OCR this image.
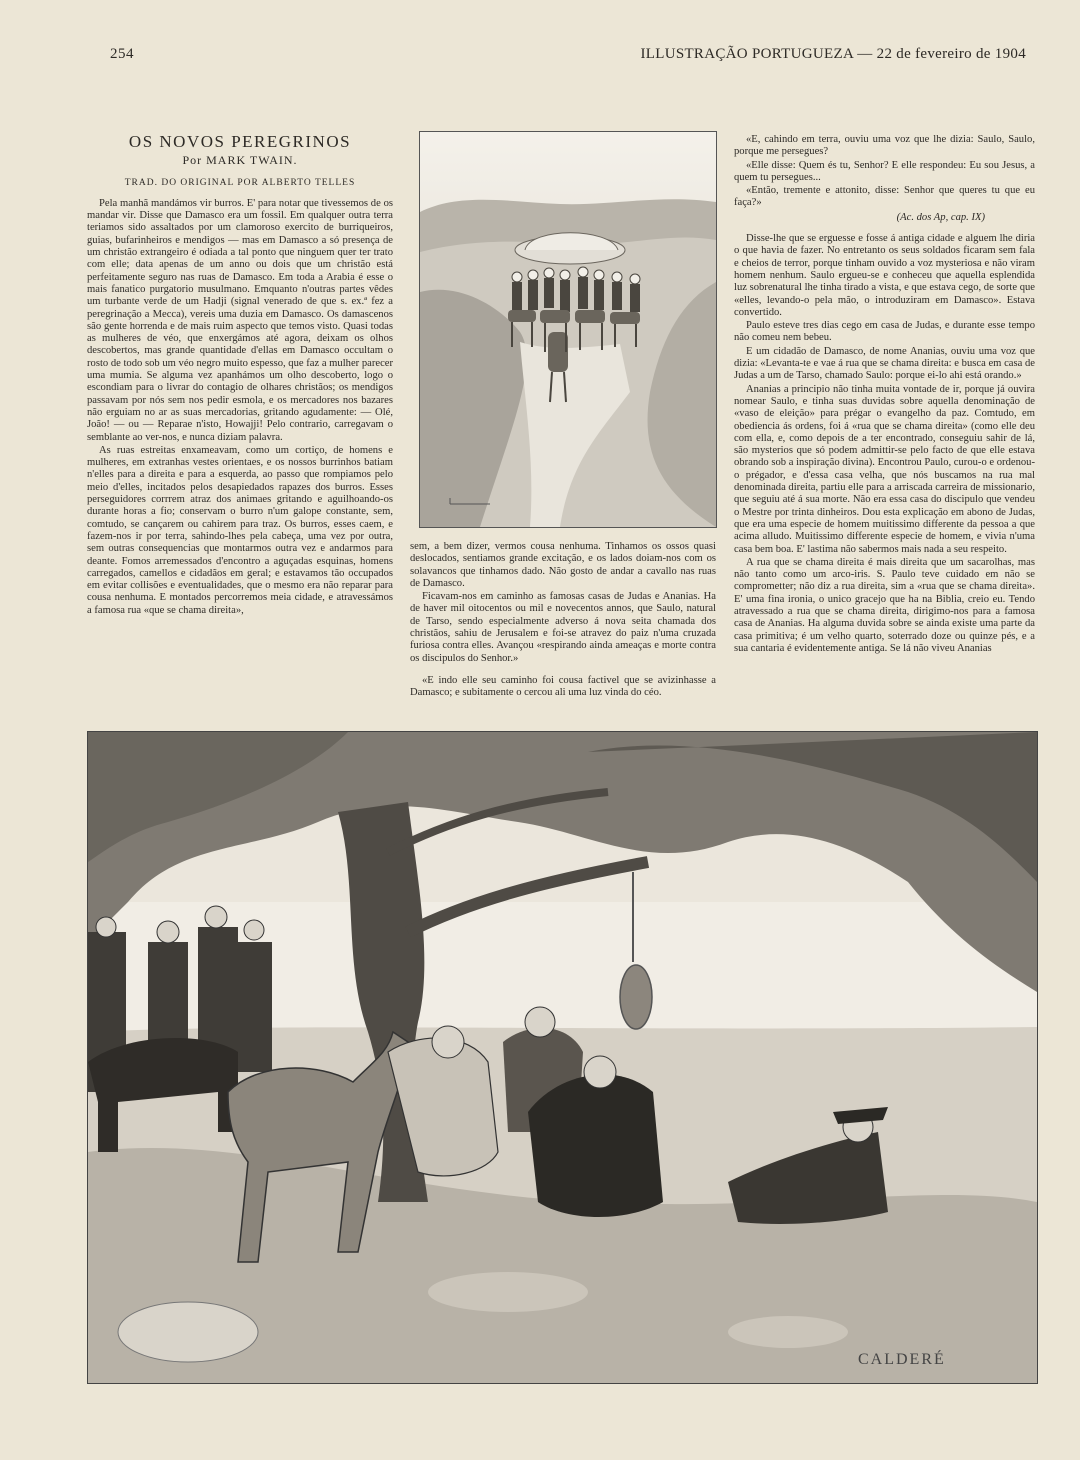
254	ILLUSTRAÇÃO PORTUGUEZA — 22 de fevereiro de 1904
OS NOVOS PEREGRINOS
Por MARK TWAIN.
TRAD. DO ORIGINAL POR ALBERTO TELLES

Pela manhã mandámos vir burros. E' para notar que tivessemos de os mandar vir. Disse que Damasco era um fossil. Em qualquer outra terra teriamos sido assaltados por um clamoroso exercito de burriqueiros, guias, bufarinheiros e mendigos — mas em Damasco a só presença de um christão extrangeiro é odiada a tal ponto que ninguem quer ter trato com elle; data apenas de um anno ou dois que um christão está perfeitamente seguro nas ruas de Damasco. Em toda a Arabia é esse o mais fanatico purgatorio musulmano. Emquanto n'outras partes vêdes um turbante verde de um Hadji (signal venerado de que s. ex.ª fez a peregrinação a Mecca), vereis uma duzia em Damasco. Os damascenos são gente horrenda e de mais ruim aspecto que temos visto. Quasi todas as mulheres de véo, que enxergámos até agora, deixam os olhos descobertos, mas grande quantidade d'ellas em Damasco occultam o rosto de todo sob um véo negro muito espesso, que faz a mulher parecer uma mumia. Se alguma vez apanhámos um olho descoberto, logo o escondiam para o livrar do contagio de olhares christãos; os mendigos passavam por nós sem nos pedir esmola, e os mercadores nos bazares não erguiam no ar as suas mercadorias, gritando agudamente: — Olé, João! — ou — Reparae n'isto, Howajji! Pelo contrario, carregavam o semblante ao ver-nos, e nunca diziam palavra.

As ruas estreitas enxameavam, como um cortiço, de homens e mulheres, em extranhas vestes orientaes, e os nossos burrinhos batiam n'elles para a direita e para a esquerda, ao passo que rompiamos pelo meio d'elles, incitados pelos desapiedados rapazes dos burros. Esses perseguidores corrrem atraz dos animaes gritando e aguilhoando-os durante horas a fio; conservam o burro n'um galope constante, sem, comtudo, se cançarem ou cahirem para traz. Os burros, esses caem, e fazem-nos ir por terra, sahindo-lhes pela cabeça, uma vez por outra, sem outras consequencias que montarmos outra vez e andarmos para deante. Fomos arremessados d'encontro a aguçadas esquinas, homens carregados, camellos e cidadãos em geral; e estavamos tão occupados em evitar collisões e eventualidades, que o mesmo era não reparar para cousa nenhuma. E montados percorremos meia cidade, e atravessámos a famosa rua «que se chama direita»,

sem, a bem dizer, vermos cousa nenhuma. Tinhamos os ossos quasi deslocados, sentiamos grande excitação, e os lados doiam-nos com os solavancos que tinhamos dado. Não gosto de andar a cavallo nas ruas de Damasco.

Ficavam-nos em caminho as famosas casas de Judas e Ananias. Ha de haver mil oitocentos ou mil e novecentos annos, que Saulo, natural de Tarso, sendo especialmente adverso á nova seita chamada dos christãos, sahiu de Jerusalem e foi-se atravez do paiz n'uma cruzada furiosa contra elles. Avançou «respirando ainda ameaças e morte contra os discipulos do Senhor.»

«E indo elle seu caminho foi cousa factivel que se avizinhasse a Damasco; e subitamente o cercou ali uma luz vinda do céo.

«E, cahindo em terra, ouviu uma voz que lhe dizia: Saulo, Saulo, porque me persegues?

«Elle disse: Quem és tu, Senhor? E elle respondeu: Eu sou Jesus, a quem tu persegues...

«Então, tremente e attonito, disse: Senhor que queres tu que eu faça?»

(Ac. dos Ap, cap. IX)

Disse-lhe que se erguesse e fosse á antiga cidade e alguem lhe diria o que havia de fazer. No entretanto os seus soldados ficaram sem fala e cheios de terror, porque tinham ouvido a voz mysteriosa e não viram homem nenhum. Saulo ergueu-se e conheceu que aquella esplendida luz sobrenatural lhe tinha tirado a vista, e que estava cego, de sorte que «elles, levando-o pela mão, o introduziram em Damasco». Estava convertido.

Paulo esteve tres dias cego em casa de Judas, e durante esse tempo não comeu nem bebeu.

E um cidadão de Damasco, de nome Ananias, ouviu uma voz que dizia: «Levanta-te e vae á rua que se chama direita: e busca em casa de Judas a um de Tarso, chamado Saulo: porque ei-lo ahi está orando.»

Ananias a principio não tinha muita vontade de ir, porque já ouvira nomear Saulo, e tinha suas duvidas sobre aquella denominação de «vaso de eleição» para prégar o evangelho da paz. Comtudo, em obediencia ás ordens, foi á «rua que se chama direita» (como elle deu com ella, e, como depois de a ter encontrado, conseguiu sahir de lá, são mysterios que só podem admittir-se pelo facto de que elle estava obrando sob a inspiração divina). Encontrou Paulo, curou-o e ordenou-o prégador, e d'essa casa velha, que nós buscamos na rua mal denominada direita, partiu elle para a arriscada carreira de missionario, que seguiu até á sua morte. Não era essa casa do discipulo que vendeu o Mestre por trinta dinheiros. Dou esta explicação em abono de Judas, que era uma especie de homem muitissimo differente da pessoa a que acima alludo. Muitissimo differente especie de homem, e vivia n'uma casa bem boa. E' lastima não sabermos mais nada a seu respeito.

A rua que se chama direita é mais direita que um sacarolhas, mas não tanto como um arco-iris. S. Paulo teve cuidado em não se comprometter; não diz a rua direita, sim a «rua que se chama direita». E' uma fina ironia, o unico gracejo que ha na Biblia, creio eu. Tendo atravessado a rua que se chama direita, dirigimo-nos para a famosa casa de Ananias. Ha alguma duvida sobre se ainda existe uma parte da casa primitiva; é um velho quarto, soterrado doze ou quinze pés, e a sua cantaria é evidentemente antiga. Se lá não viveu Ananias

CALDERÉ
